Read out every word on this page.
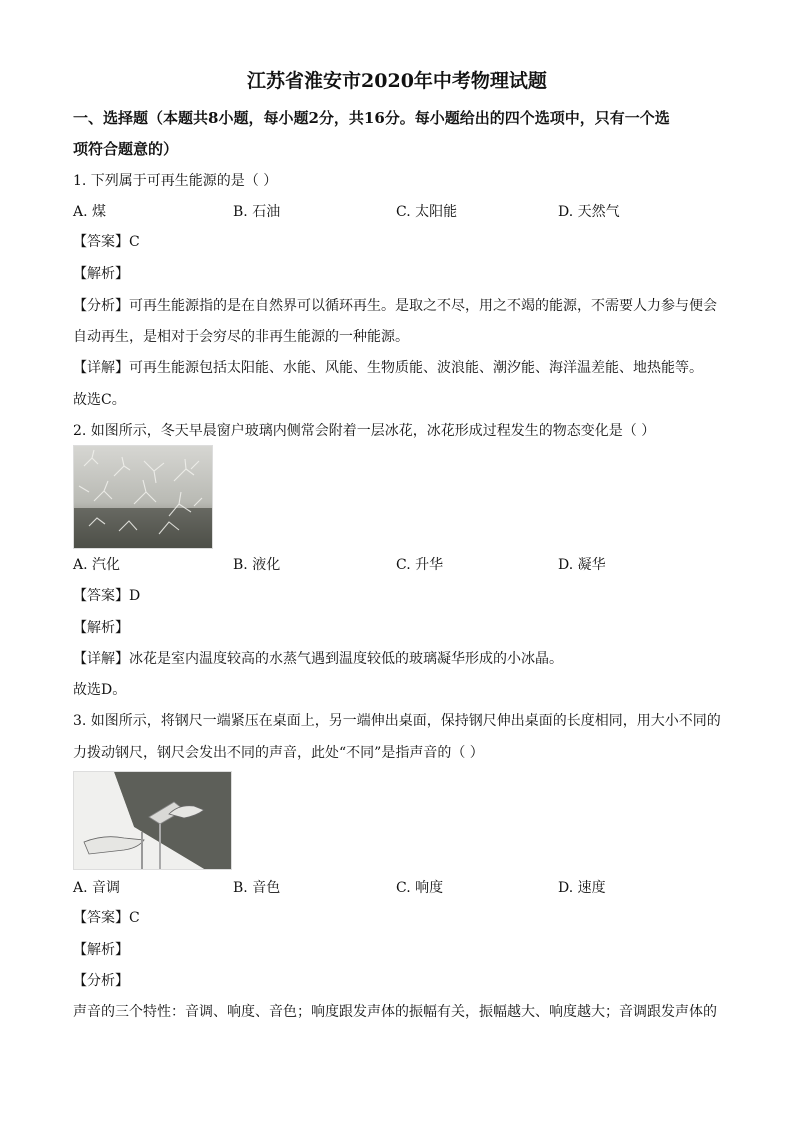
江苏省淮安市2020年中考物理试题
一、选择题（本题共8小题，每小题2分，共16分。每小题给出的四个选项中，只有一个选
项符合题意的）
1. 下列属于可再生能源的是（ ）
A. 煤	B. 石油	C. 太阳能	D. 天然气
【答案】C
【解析】
【分析】可再生能源指的是在自然界可以循环再生。是取之不尽，用之不竭的能源，不需要人力参与便会
自动再生，是相对于会穷尽的非再生能源的一种能源。
【详解】可再生能源包括太阳能、水能、风能、生物质能、波浪能、潮汐能、海洋温差能、地热能等。
故选C。
2. 如图所示，冬天早晨窗户玻璃内侧常会附着一层冰花，冰花形成过程发生的物态变化是（ ）
A. 汽化	B. 液化	C. 升华	D. 凝华
【答案】D
【解析】
【详解】冰花是室内温度较高的水蒸气遇到温度较低的玻璃凝华形成的小冰晶。
故选D。
3. 如图所示，将钢尺一端紧压在桌面上，另一端伸出桌面，保持钢尺伸出桌面的长度相同，用大小不同的
力拨动钢尺，钢尺会发出不同的声音，此处“不同”是指声音的（ ）
A. 音调	B. 音色	C. 响度	D. 速度
【答案】C
【解析】
【分析】
声音的三个特性：音调、响度、音色；响度跟发声体的振幅有关，振幅越大、响度越大；音调跟发声体的
